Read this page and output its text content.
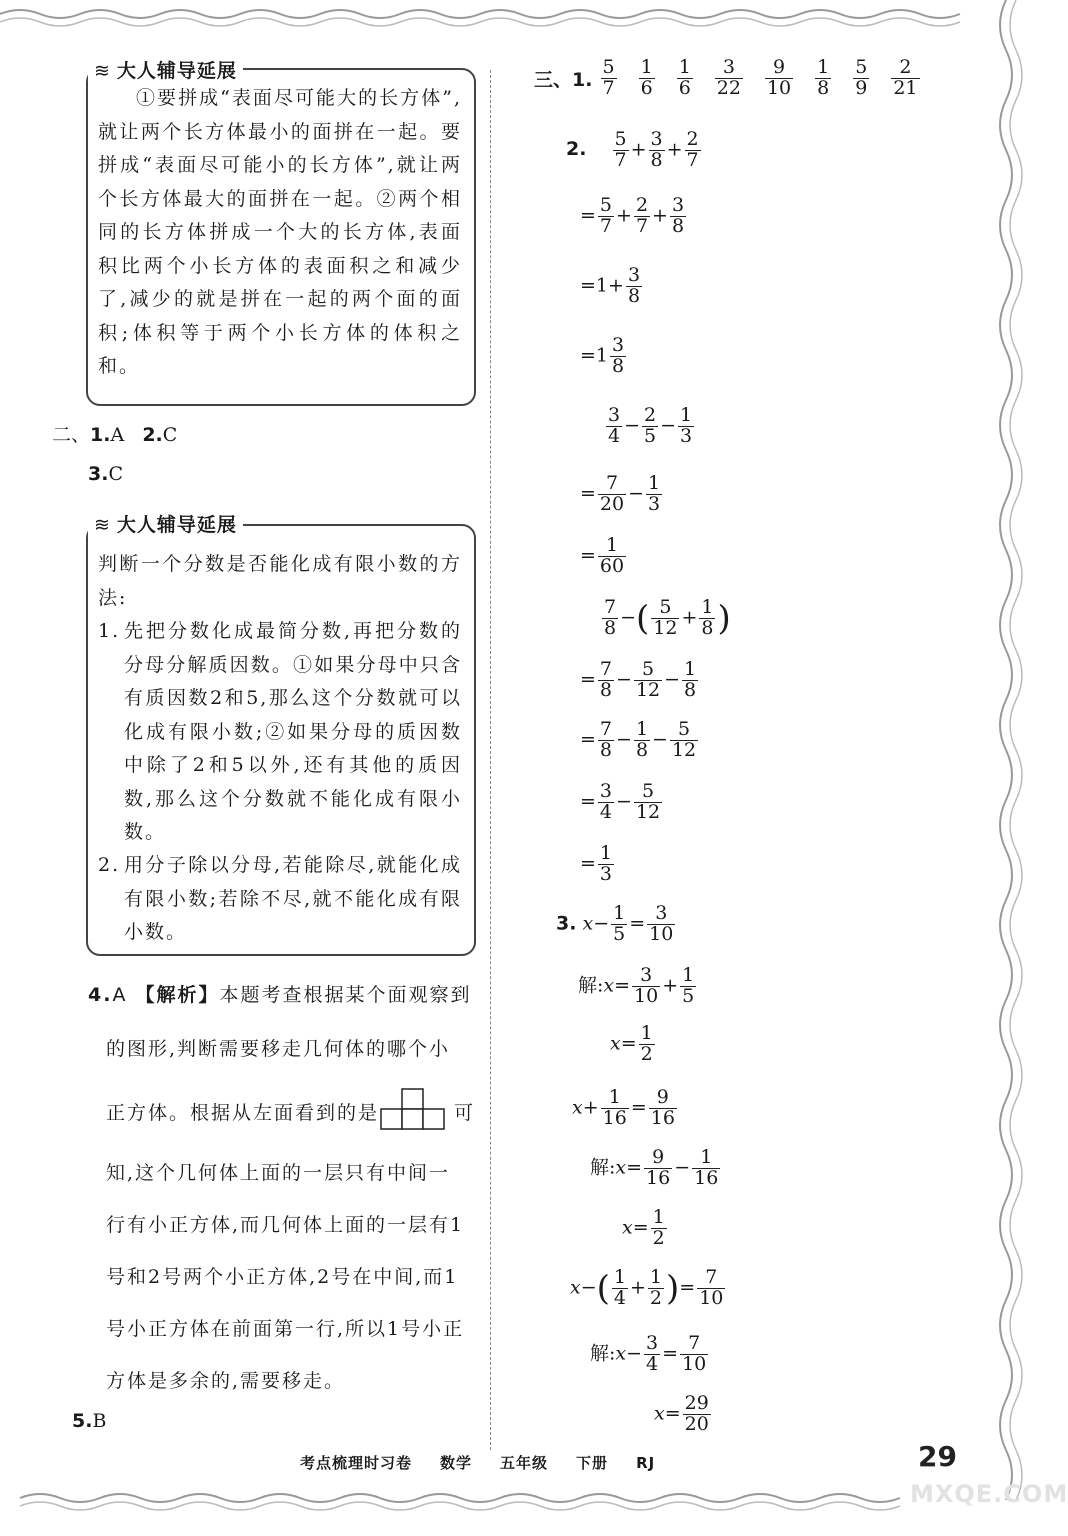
①要拼成“表面尽可能大的长方体”,就让两个长方体最小的面拼在一起。要拼成“表面尽可能小的长方体”,就让两个长方体最大的面拼在一起。②两个相同的长方体拼成一个大的长方体,表面积比两个小长方体的表面积之和减少了,减少的就是拼在一起的两个面的面积;体积等于两个小长方体的体积之和。
≋ 大人辅导延展
二、1.A 2.C
3.C
判断一个分数是否能化成有限小数的方法:
1. 先把分数化成最简分数,再把分数的分母分解质因数。①如果分母中只含有质因数2和5,那么这个分数就可以化成有限小数;②如果分母的质因数中除了2和5以外,还有其他的质因数,那么这个分数就不能化成有限小数。
2. 用分子除以分母,若能除尽,就能化成有限小数;若除不尽,就不能化成有限小数。
≋ 大人辅导延展
4.A 【解析】本题考查根据某个面观察到
的图形,判断需要移走几何体的哪个小
正方体。根据从左面看到的是	可
知,这个几何体上面的一层只有中间一
行有小正方体,而几何体上面的一层有1
号和2号两个小正方体,2号在中间,而1
号小正方体在前面第一行,所以1号小正
方体是多余的,需要移走。
5.B
三、1. $\frac{5}{7} \frac{1}{6} \frac{1}{6} \frac{3}{22} \frac{9}{10} \frac{1}{8} \frac{5}{9} \frac{2}{21}$
2. $\frac{5}{7} + \frac{3}{8} + \frac{2}{7}$
= $\frac{5}{7} + \frac{2}{7} + \frac{3}{8}$
$=1+ \frac{3}{8}$
$=1 \frac{3}{8}$
$\frac{3}{4} - \frac{2}{5} - \frac{1}{3}$
= $\frac{7}{20} - \frac{1}{3}$
= $\frac{1}{60}$
$\frac{7}{8}$ −( $\frac{5}{12} + \frac{1}{8}$ )
= $\frac{7}{8} - \frac{5}{12} - \frac{1}{8}$
= $\frac{7}{8} - \frac{1}{8} - \frac{5}{12}$
= $\frac{3}{4} - \frac{5}{12}$
= $\frac{1}{3}$
3. $x- \frac{1}{5} = \frac{3}{10}$
解:x= $\frac{3}{10} + \frac{1}{5}$
$x= \frac{1}{2}$
$x+ \frac{1}{16} = \frac{9}{16}$
解:x= $\frac{9}{16} - \frac{1}{16}$
$x= \frac{1}{2}$
$x-( \frac{1}{4} + \frac{1}{2}$ )= $\frac{7}{10}$
解:x− $\frac{3}{4} = \frac{7}{10}$
$x= \frac{29}{20}$
考点梳理时习卷 数学 五年级 下册 RJ	29
MXQE.COM
